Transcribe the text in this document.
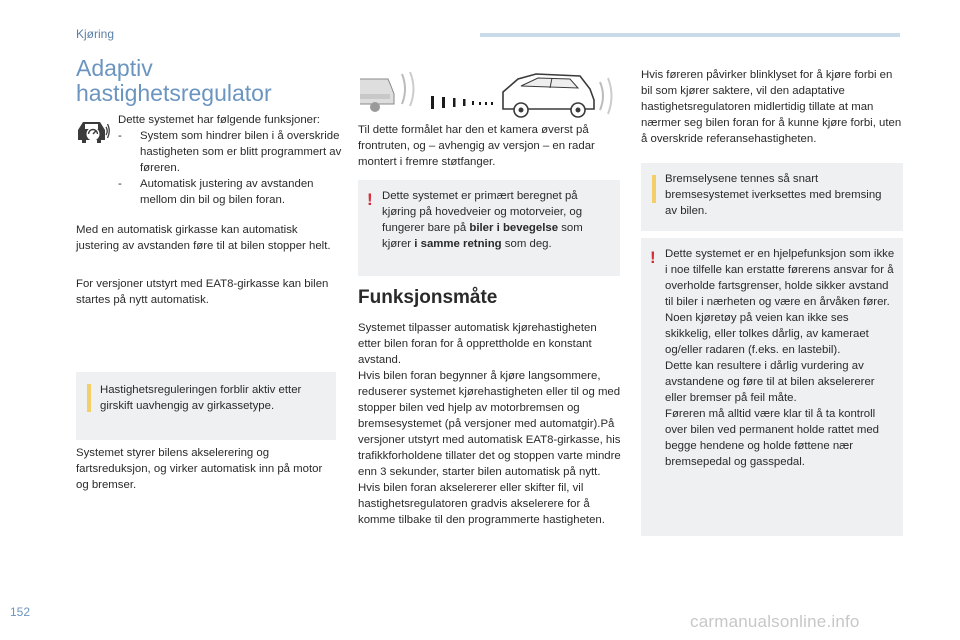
Kjøring
Adaptiv
hastighetsregulator
Dette systemet har følgende funksjoner:
- System som hindrer bilen i å overskride hastigheten som er blitt programmert av føreren.
- Automatisk justering av avstanden mellom din bil og bilen foran.
Med en automatisk girkasse kan automatisk justering av avstanden føre til at bilen stopper helt.
For versjoner utstyrt med EAT8-girkasse kan bilen startes på nytt automatisk.
Hastighetsreguleringen forblir aktiv etter girskift uavhengig av girkassetype.
Systemet styrer bilens akselerering og fartsreduksjon, og virker automatisk inn på motor og bremser.
Til dette formålet har den et kamera øverst på frontruten, og – avhengig av versjon – en radar montert i fremre støtfanger.
! Dette systemet er primært beregnet på kjøring på hovedveier og motorveier, og fungerer bare på biler i bevegelse som kjører i samme retning som deg.
Funksjonsmåte
Systemet tilpasser automatisk kjørehastigheten etter bilen foran for å opprettholde en konstant avstand.
Hvis bilen foran begynner å kjøre langsommere, reduserer systemet kjørehastigheten eller til og med stopper bilen ved hjelp av motorbremsen og bremsesystemet (på versjoner med automatgir).På versjoner utstyrt med automatisk EAT8-girkasse, his trafikkforholdene tillater det og stoppen varte mindre enn 3 sekunder, starter bilen automatisk på nytt.
Hvis bilen foran akselererer eller skifter fil, vil hastighetsregulatoren gradvis akselerere for å komme tilbake til den programmerte hastigheten.
Hvis føreren påvirker blinklyset for å kjøre forbi en bil som kjører saktere, vil den adaptative hastighetsregulatoren midlertidig tillate at man nærmer seg bilen foran for å kunne kjøre forbi, uten å overskride referansehastigheten.
Bremselysene tennes så snart bremsesystemet iverksettes med bremsing av bilen.
! Dette systemet er en hjelpefunksjon som ikke i noe tilfelle kan erstatte førerens ansvar for å overholde fartsgrenser, holde sikker avstand til biler i nærheten og være en årvåken fører.
Noen kjøretøy på veien kan ikke ses skikkelig, eller tolkes dårlig, av kameraet og/eller radaren (f.eks. en lastebil).
Dette kan resultere i dårlig vurdering av avstandene og føre til at bilen akselererer eller bremser på feil måte.
Føreren må alltid være klar til å ta kontroll over bilen ved permanent holde rattet med begge hendene og holde føttene nær bremsepedal og gasspedal.
152	carmanualsonline.info
